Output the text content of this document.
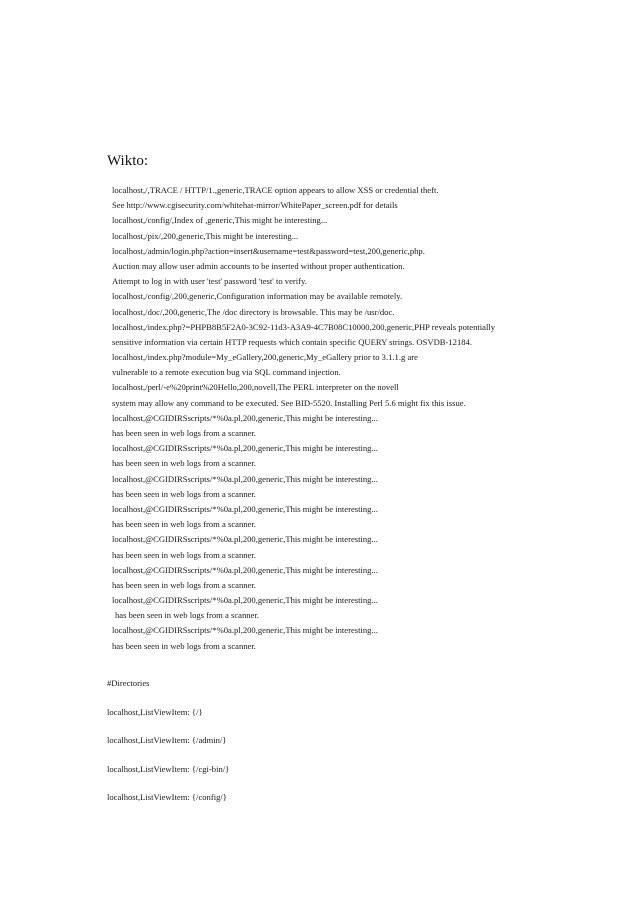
Wikto:
localhost,/,TRACE / HTTP/1.,generic,TRACE option appears to allow XSS or credential theft.
See http://www.cgisecurity.com/whitehat-mirror/WhitePaper_screen.pdf for details
localhost,/config/,Index of ,generic,This might be interesting...
localhost,/pix/,200,generic,This might be interesting...
localhost,/admin/login.php?action=insert&username=test&password=test,200,generic,php.
Auction may allow user admin accounts to be inserted without proper authentication.
Attempt to log in with user 'test' password 'test' to verify.
localhost,/config/,200,generic,Configuration information may be available remotely.
localhost,/doc/,200,generic,The /doc directory is browsable. This may be /usr/doc.
localhost,/index.php?=PHPB8B5F2A0-3C92-11d3-A3A9-4C7B08C10000,200,generic,PHP reveals potentially
sensitive information via certain HTTP requests which contain specific QUERY strings. OSVDB-12184.
localhost,/index.php?module=My_eGallery,200,generic,My_eGallery prior to 3.1.1.g are
vulnerable to a remote execution bug via SQL command injection.
localhost,/perl/-e%20print%20Hello,200,novell,The PERL interpreter on the novell
system may allow any command to be executed. See BID-5520. Installing Perl 5.6 might fix this issue.
localhost,@CGIDIRSscripts/*%0a.pl,200,generic,This might be interesting...
has been seen in web logs from a scanner.
localhost,@CGIDIRSscripts/*%0a.pl,200,generic,This might be interesting...
has been seen in web logs from a scanner.
localhost,@CGIDIRSscripts/*%0a.pl,200,generic,This might be interesting...
has been seen in web logs from a scanner.
localhost,@CGIDIRSscripts/*%0a.pl,200,generic,This might be interesting...
has been seen in web logs from a scanner.
localhost,@CGIDIRSscripts/*%0a.pl,200,generic,This might be interesting...
has been seen in web logs from a scanner.
localhost,@CGIDIRSscripts/*%0a.pl,200,generic,This might be interesting...
has been seen in web logs from a scanner.
localhost,@CGIDIRSscripts/*%0a.pl,200,generic,This might be interesting...
has been seen in web logs from a scanner.
localhost,@CGIDIRSscripts/*%0a.pl,200,generic,This might be interesting...
has been seen in web logs from a scanner.
#Directories
localhost,ListViewItem: {/}
localhost,ListViewItem: {/admin/}
localhost,ListViewItem: {/cgi-bin/}
localhost,ListViewItem: {/config/}
